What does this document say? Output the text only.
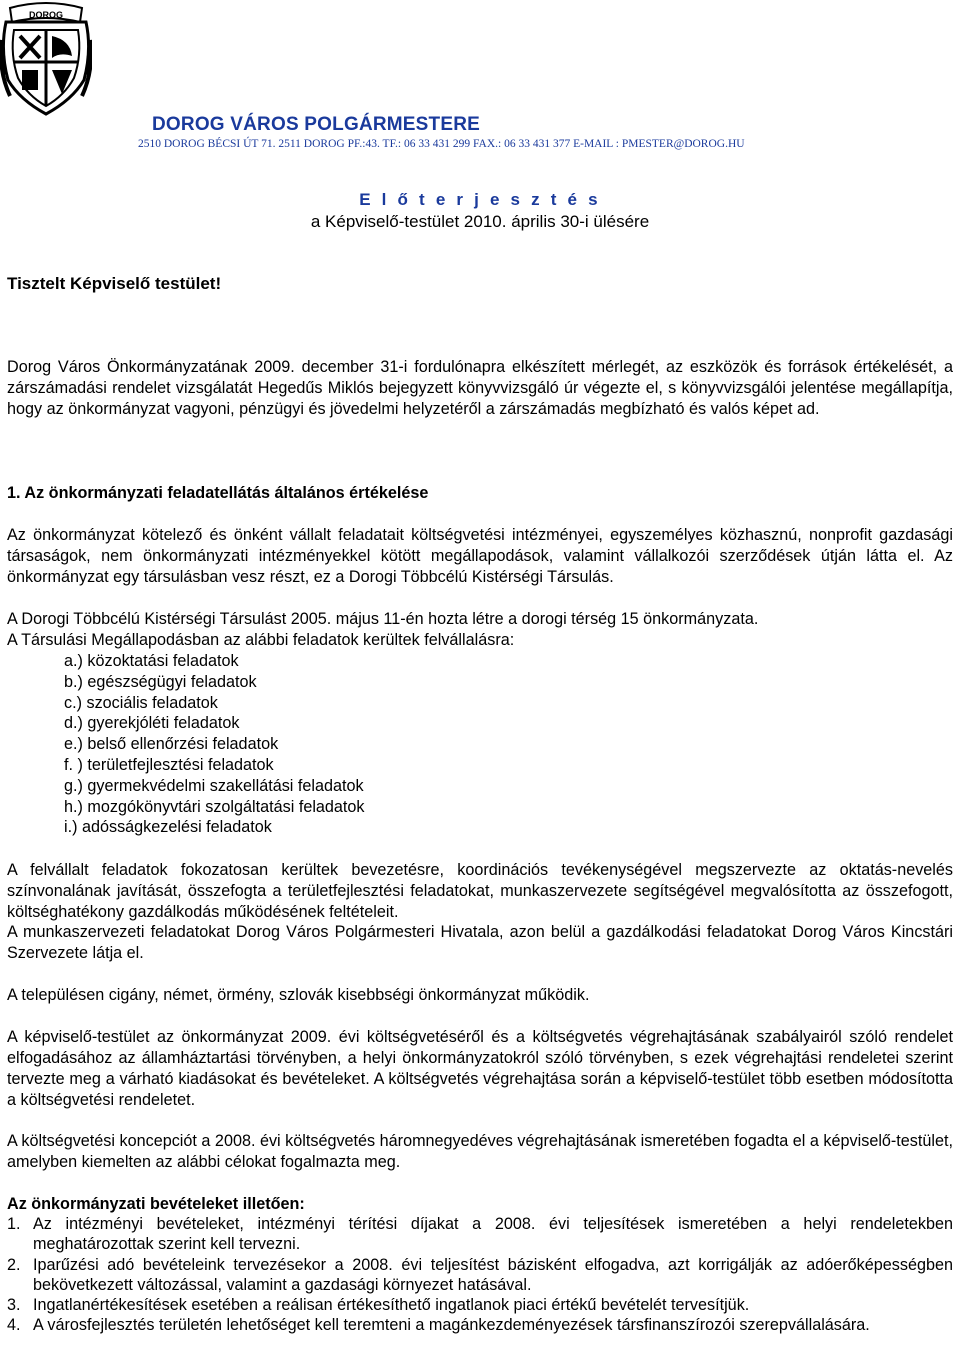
DOROG
DOROG VÁROS POLGÁRMESTERE
2510 DOROG BÉCSI ÚT 71. 2511 DOROG PF.:43. TF.: 06 33 431 299 FAX.: 06 33 431 377 E-MAIL : PMESTER@DOROG.HU
E l ő t e r j e s z t é s
a Képviselő-testület 2010. április 30-i ülésére
Tisztelt Képviselő testület!
Dorog Város Önkormányzatának 2009. december 31-i fordulónapra elkészített mérlegét, az eszközök és források értékelését, a zárszámadási rendelet vizsgálatát Hegedűs Miklós bejegyzett könyvvizsgáló úr végezte el, s könyvvizsgálói jelentése megállapítja, hogy az önkormányzat vagyoni, pénzügyi és jövedelmi helyzetéről a zárszámadás megbízható és valós képet ad.
1. Az önkormányzati feladatellátás általános értékelése
Az önkormányzat kötelező és önként vállalt feladatait költségvetési intézményei, egyszemélyes közhasznú, nonprofit gazdasági társaságok, nem önkormányzati intézményekkel kötött megállapodások, valamint vállalkozói szerződések útján látta el. Az önkormányzat egy társulásban vesz részt, ez a Dorogi Többcélú Kistérségi Társulás.
A Dorogi Többcélú Kistérségi Társulást 2005. május 11-én hozta létre a dorogi térség 15 önkormányzata.
A Társulási Megállapodásban az alábbi feladatok kerültek felvállalásra:
a.) közoktatási feladatok
b.) egészségügyi feladatok
c.) szociális feladatok
d.) gyerekjóléti feladatok
e.) belső ellenőrzési feladatok
f. ) területfejlesztési feladatok
g.) gyermekvédelmi szakellátási feladatok
h.) mozgókönyvtári szolgáltatási feladatok
i.) adósságkezelési feladatok
A felvállalt feladatok fokozatosan kerültek bevezetésre, koordinációs tevékenységével megszervezte az oktatás-nevelés színvonalának javítását, összefogta a területfejlesztési feladatokat, munkaszervezete segítségével megvalósította az összefogott, költséghatékony gazdálkodás működésének feltételeit.
A munkaszervezeti feladatokat Dorog Város Polgármesteri Hivatala, azon belül a gazdálkodási feladatokat Dorog Város Kincstári Szervezete látja el.
A településen cigány, német, örmény, szlovák kisebbségi önkormányzat működik.
A képviselő-testület az önkormányzat 2009. évi költségvetéséről és a költségvetés végrehajtásának szabályairól szóló rendelet elfogadásához az államháztartási törvényben, a helyi önkormányzatokról szóló törvényben, s ezek végrehajtási rendeletei szerint tervezte meg a várható kiadásokat és bevételeket. A költségvetés végrehajtása során a képviselő-testület több esetben módosította a költségvetési rendeletet.
A költségvetési koncepciót a 2008. évi költségvetés háromnegyedéves végrehajtásának ismeretében fogadta el a képviselő-testület, amelyben kiemelten az alábbi célokat fogalmazta meg.
Az önkormányzati bevételeket illetően:
1. Az intézményi bevételeket, intézményi térítési díjakat a 2008. évi teljesítések ismeretében a helyi rendeletekben meghatározottak szerint kell tervezni.
2. Iparűzési adó bevételeink tervezésekor a 2008. évi teljesítést bázisként elfogadva, azt korrigálják az adóerőképességben bekövetkezett változással, valamint a gazdasági környezet hatásával.
3. Ingatlanértékesítések esetében a reálisan értékesíthető ingatlanok piaci értékű bevételét tervesítjük.
4. A városfejlesztés területén lehetőséget kell teremteni a magánkezdeményezések társfinanszírozói szerepvállalására.
